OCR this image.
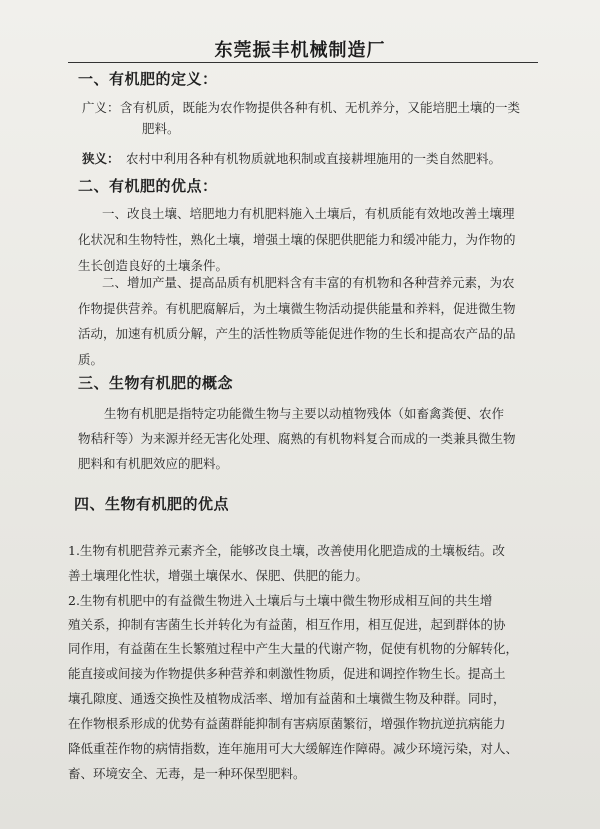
东莞振丰机械制造厂
一、有机肥的定义：
广义： 含有机质，既能为农作物提供各种有机、无机养分，又能培肥土壤的一类
肥料。
狭义： 农村中利用各种有机物质就地积制或直接耕埋施用的一类自然肥料。
二、有机肥的优点：
一、改良土壤、培肥地力有机肥料施入土壤后，有机质能有效地改善土壤理
化状况和生物特性，熟化土壤，增强土壤的保肥供肥能力和缓冲能力，为作物的
生长创造良好的土壤条件。
二、增加产量、提高品质有机肥料含有丰富的有机物和各种营养元素，为农
作物提供营养。有机肥腐解后，为土壤微生物活动提供能量和养料，促进微生物
活动，加速有机质分解，产生的活性物质等能促进作物的生长和提高农产品的品
质。
三、生物有机肥的概念
生物有机肥是指特定功能微生物与主要以动植物残体（如畜禽粪便、农作
物秸秆等）为来源并经无害化处理、腐熟的有机物料复合而成的一类兼具微生物
肥料和有机肥效应的肥料。
四、生物有机肥的优点
1.生物有机肥营养元素齐全，能够改良土壤，改善使用化肥造成的土壤板结。改
善土壤理化性状，增强土壤保水、保肥、供肥的能力。
2.生物有机肥中的有益微生物进入土壤后与土壤中微生物形成相互间的共生增
殖关系，抑制有害菌生长并转化为有益菌，相互作用，相互促进，起到群体的协
同作用，有益菌在生长繁殖过程中产生大量的代谢产物，促使有机物的分解转化，
能直接或间接为作物提供多种营养和刺激性物质，促进和调控作物生长。提高土
壤孔隙度、通透交换性及植物成活率、增加有益菌和土壤微生物及种群。同时，
在作物根系形成的优势有益菌群能抑制有害病原菌繁衍，增强作物抗逆抗病能力
降低重茬作物的病情指数，连年施用可大大缓解连作障碍。减少环境污染，对人、
畜、环境安全、无毒，是一种环保型肥料。
